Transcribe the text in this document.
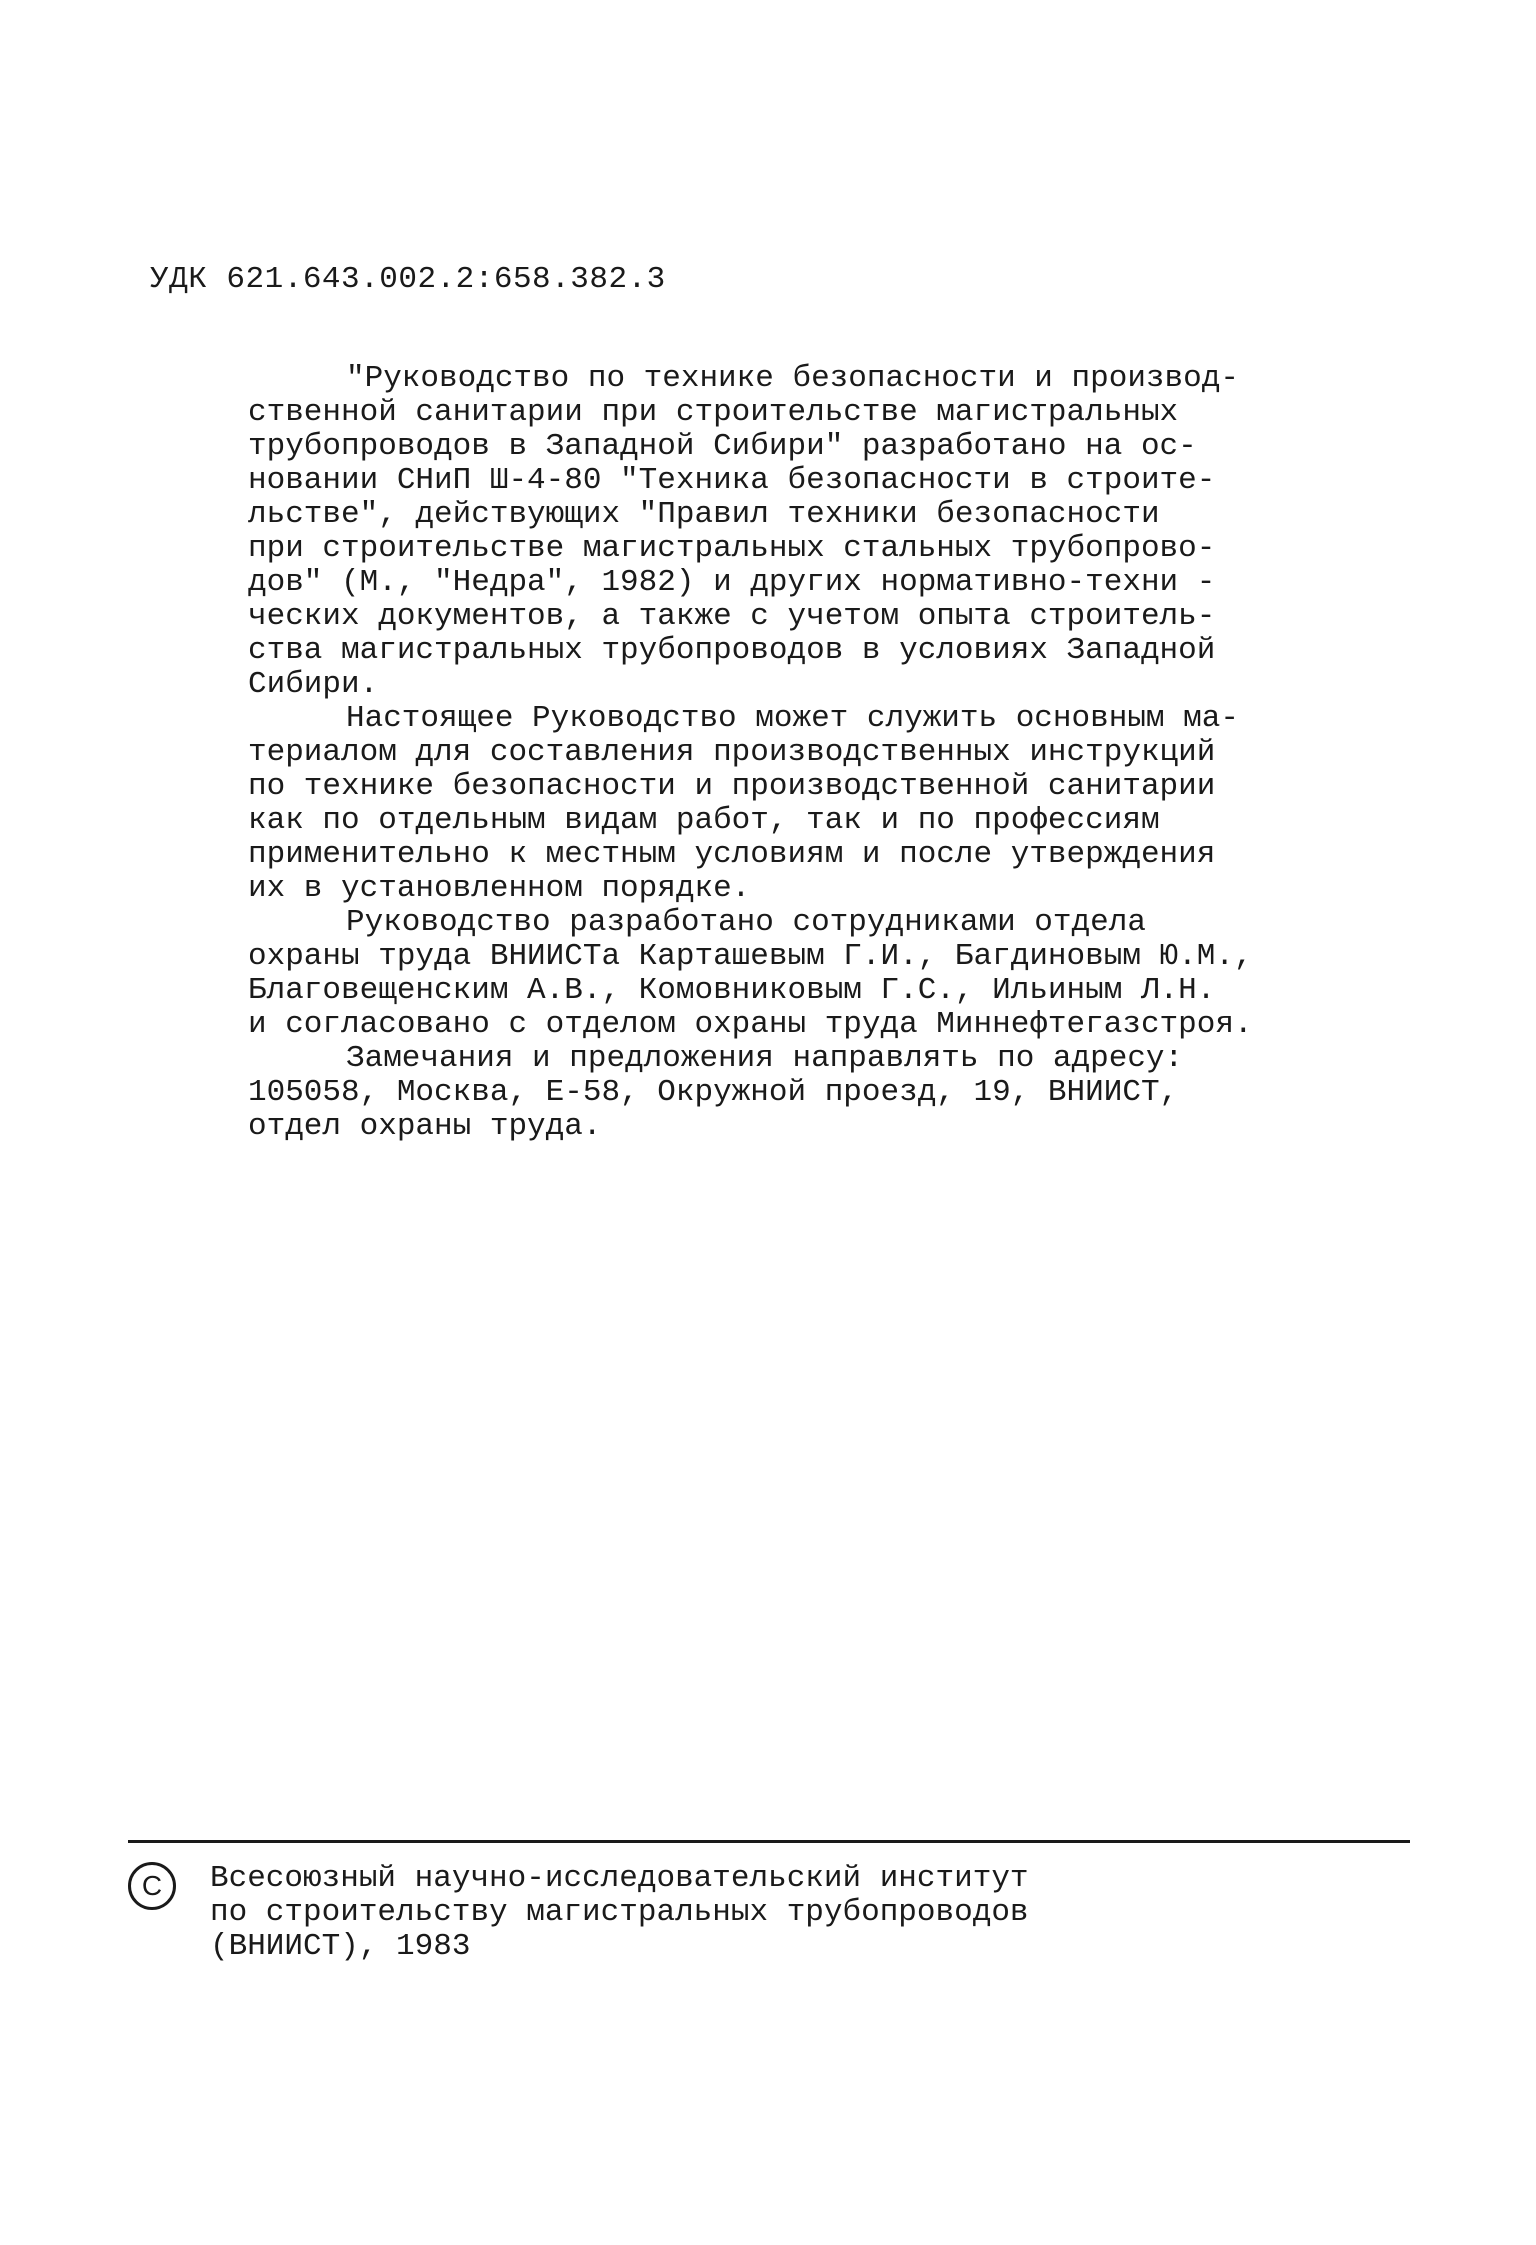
УДК 621.643.002.2:658.382.3
"Руководство по технике безопасности и производ-
ственной санитарии при строительстве магистральных
трубопроводов в Западной Сибири" разработано на ос-
новании СНиП Ш-4-80 "Техника безопасности в строите-
льстве", действующих "Правил техники безопасности
при строительстве магистральных стальных трубопрово-
дов" (М., "Недра", 1982) и других нормативно-техни -
ческих документов, а также с учетом опыта строитель-
ства магистральных трубопроводов в условиях Западной
Сибири.
Настоящее Руководство может служить основным ма-
териалом для составления производственных инструкций
по технике безопасности и производственной санитарии
как по отдельным видам работ, так и по профессиям
применительно к местным условиям и после утверждения
их в установленном порядке.
Руководство разработано сотрудниками отдела
охраны труда ВНИИСТа Карташевым Г.И., Багдиновым Ю.М.,
Благовещенским А.В., Комовниковым Г.С., Ильиным Л.Н.
и согласовано с отделом охраны труда Миннефтегазстроя.
Замечания и предложения направлять по адресу:
105058, Москва, Е-58, Окружной проезд, 19, ВНИИСТ,
отдел охраны труда.
С	Всесоюзный научно-исследовательский институт
по строительству магистральных трубопроводов
(ВНИИСТ), 1983
